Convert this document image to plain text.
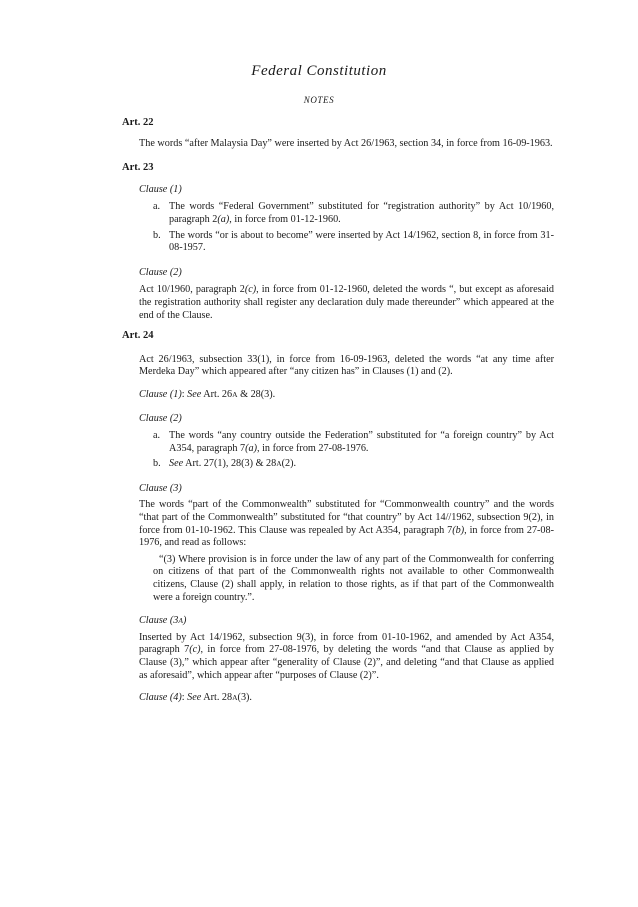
Federal Constitution
NOTES

Art. 22

The words “after Malaysia Day” were inserted by Act 26/1963, section 34, in force from 16-09-1963.

Art. 23

Clause (1)
a. The words “Federal Government” substituted for “registration authority” by Act 10/1960, paragraph 2(a), in force from 01-12-1960.
b. The words “or is about to become” were inserted by Act 14/1962, section 8, in force from 31-08-1957.
Clause (2)
Act 10/1960, paragraph 2(c), in force from 01-12-1960, deleted the words “, but except as aforesaid the registration authority shall register any declaration duly made thereunder” which appeared at the end of the Clause.

Art. 24

Act 26/1963, subsection 33(1), in force from 16-09-1963, deleted the words “at any time after Merdeka Day” which appeared after “any citizen has” in Clauses (1) and (2).
Clause (1): See Art. 26A & 28(3).
Clause (2)
a. The words “any country outside the Federation” substituted for “a foreign country” by Act A354, paragraph 7(a), in force from 27-08-1976.
b. See Art. 27(1), 28(3) & 28A(2).
Clause (3)
The words “part of the Commonwealth” substituted for “Commonwealth country” and the words “that part of the Commonwealth” substituted for “that country” by Act 14//1962, subsection 9(2), in force from 01-10-1962. This Clause was repealed by Act A354, paragraph 7(b), in force from 27-08-1976, and read as follows:
“(3) Where provision is in force under the law of any part of the Commonwealth for conferring on citizens of that part of the Commonwealth rights not available to other Commonwealth citizens, Clause (2) shall apply, in relation to those rights, as if that part of the Commonwealth were a foreign country.”.
Clause (3A)
Inserted by Act 14/1962, subsection 9(3), in force from 01-10-1962, and amended by Act A354, paragraph 7(c), in force from 27-08-1976, by deleting the words “and that Clause as applied by Clause (3),” which appear after “generality of Clause (2)”, and deleting “and that Clause as applied as aforesaid”, which appear after “purposes of Clause (2)”.
Clause (4): See Art. 28A(3).
